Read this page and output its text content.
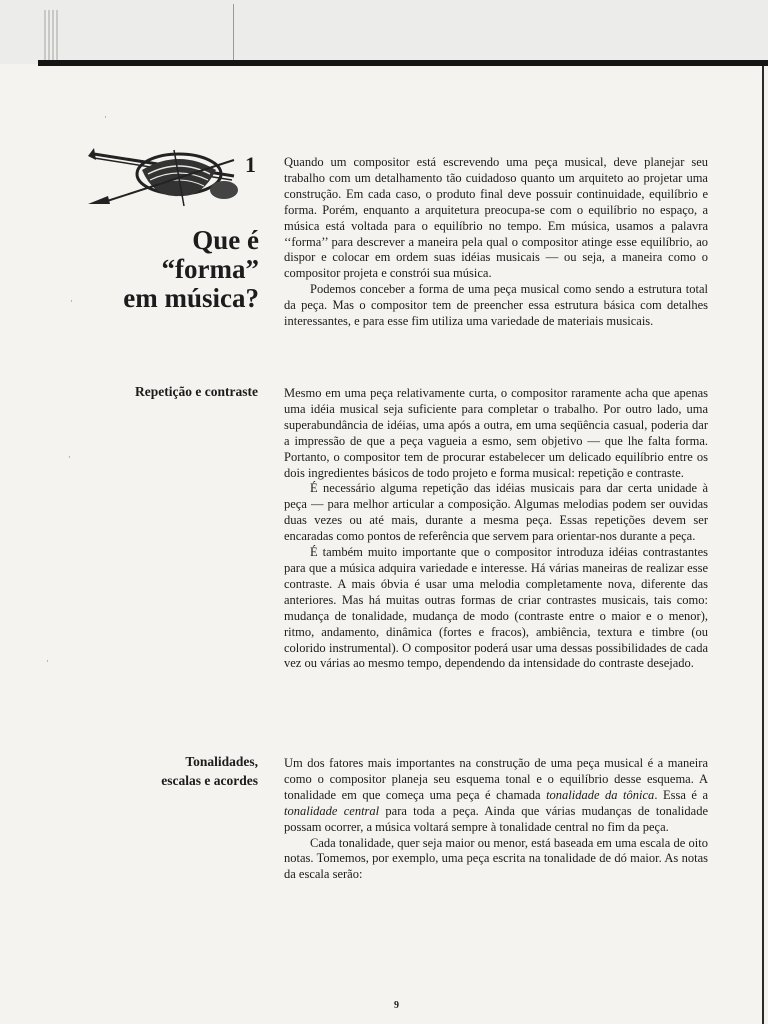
·
·
·
·
1
Que é
“forma”
em música?

Quando um compositor está escrevendo uma peça musical, deve planejar seu trabalho com um detalhamento tão cuidadoso quanto um arquiteto ao projetar uma construção. Em cada caso, o produto final deve possuir continuidade, equilíbrio e forma. Porém, enquanto a arquitetura preocupa-se com o equilíbrio no espaço, a música está voltada para o equilíbrio no tempo. Em música, usamos a palavra ‘‘forma’’ para descrever a maneira pela qual o compositor atinge esse equilíbrio, ao dispor e colocar em ordem suas idéias musicais — ou seja, a maneira como o compositor projeta e constrói sua música.

Podemos conceber a forma de uma peça musical como sendo a estrutura total da peça. Mas o compositor tem de preencher essa estrutura básica com detalhes interessantes, e para esse fim utiliza uma variedade de materiais musicais.

Repetição e contraste Mesmo em uma peça relativamente curta, o compositor raramente acha que apenas uma idéia musical seja suficiente para completar o trabalho. Por outro lado, uma superabundância de idéias, uma após a outra, em uma seqüência casual, poderia dar a impressão de que a peça vagueia a esmo, sem objetivo — que lhe falta forma. Portanto, o compositor tem de procurar estabelecer um delicado equilíbrio entre os dois ingredientes básicos de todo projeto e forma musical: repetição e contraste.

É necessário alguma repetição das idéias musicais para dar certa unidade à peça — para melhor articular a composição. Algumas melodias podem ser ouvidas duas vezes ou até mais, durante a mesma peça. Essas repetições devem ser encaradas como pontos de referência que servem para orientar-nos durante a peça.

É também muito importante que o compositor introduza idéias contrastantes para que a música adquira variedade e interesse. Há várias maneiras de realizar esse contraste. A mais óbvia é usar uma melodia completamente nova, diferente das anteriores. Mas há muitas outras formas de criar contrastes musicais, tais como: mudança de tonalidade, mudança de modo (contraste entre o maior e o menor), ritmo, andamento, dinâmica (fortes e fracos), ambiência, textura e timbre (ou colorido instrumental). O compositor poderá usar uma dessas possibilidades de cada vez ou várias ao mesmo tempo, dependendo da intensidade do contraste desejado.

Tonalidades,
escalas e acordes

Um dos fatores mais importantes na construção de uma peça musical é a maneira como o compositor planeja seu esquema tonal e o equilíbrio desse esquema. A tonalidade em que começa uma peça é chamada tonalidade da tônica. Essa é a tonalidade central para toda a peça. Ainda que várias mudanças de tonalidade possam ocorrer, a música voltará sempre à tonalidade central no fim da peça.

Cada tonalidade, quer seja maior ou menor, está baseada em uma escala de oito notas. Tomemos, por exemplo, uma peça escrita na tonalidade de dó maior. As notas da escala serão:

9
